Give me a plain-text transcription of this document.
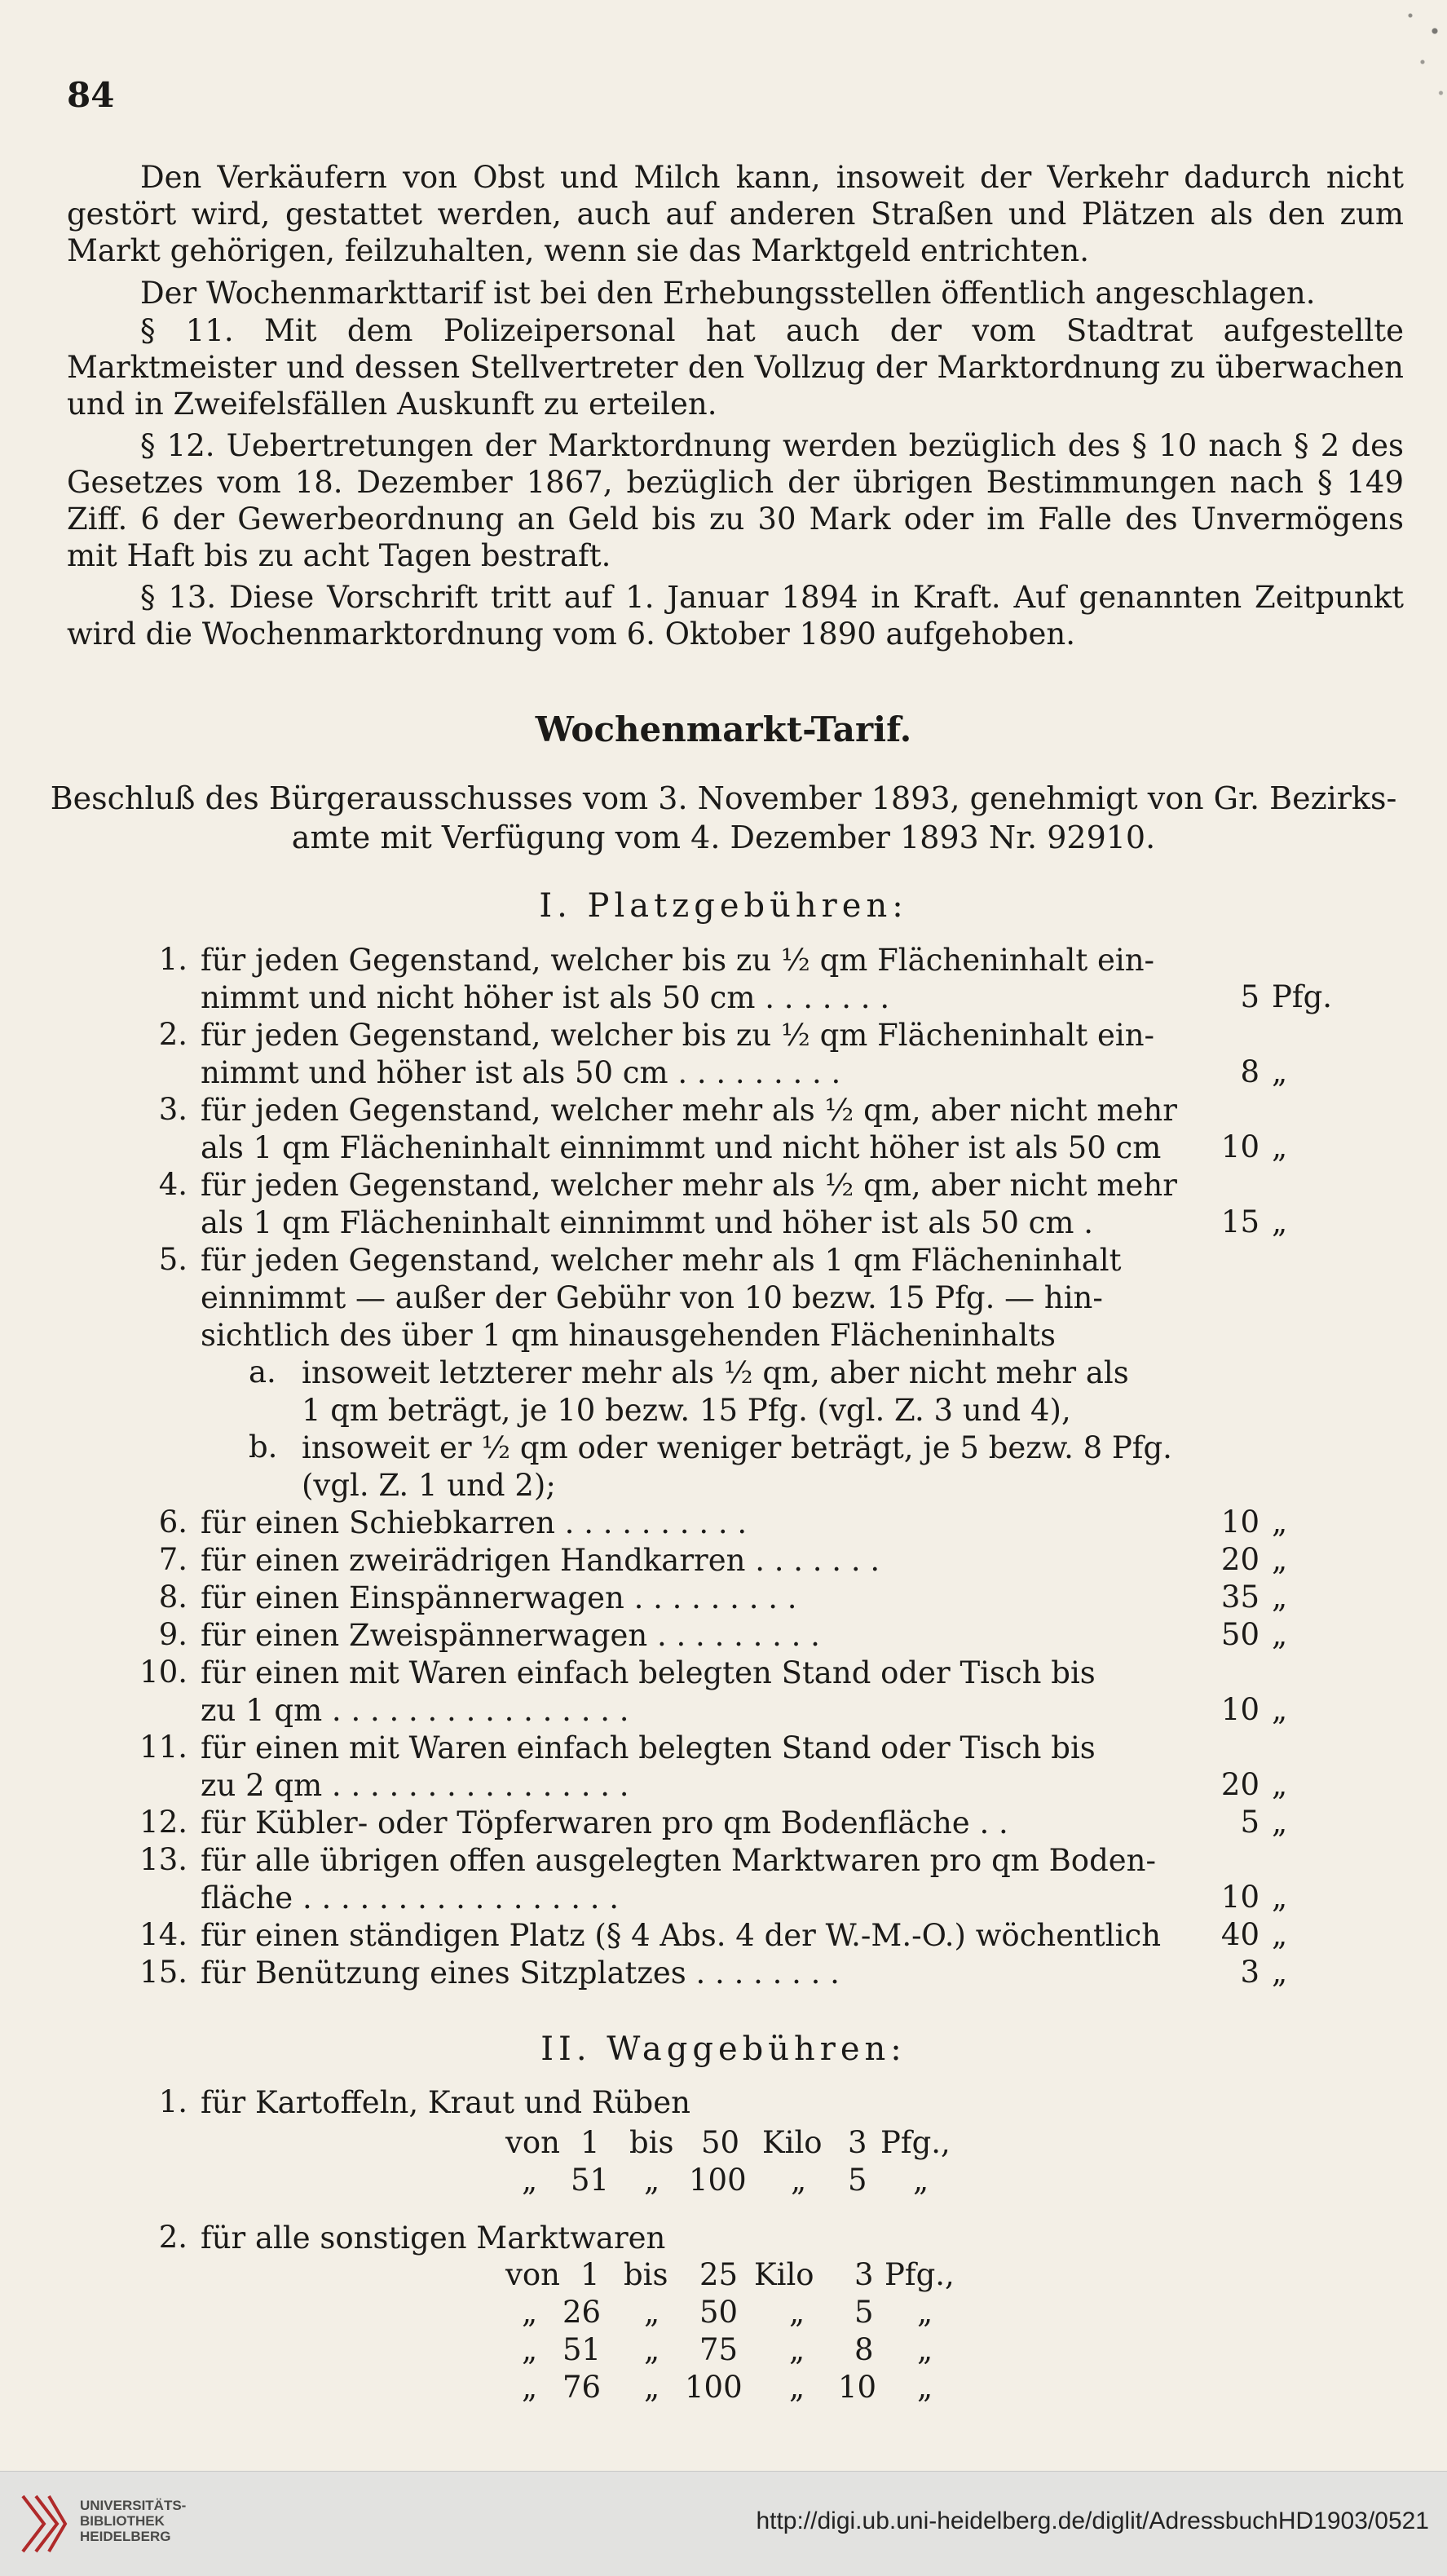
84
Den Verkäufern von Obst und Milch kann, insoweit der Verkehr dadurch nicht gestört wird, gestattet werden, auch auf anderen Straßen und Plätzen als den zum Markt gehörigen, feilzuhalten, wenn sie das Marktgeld entrichten.
Der Wochenmarkttarif ist bei den Erhebungsstellen öffentlich angeschlagen.
§ 11. Mit dem Polizeipersonal hat auch der vom Stadtrat aufgestellte Marktmeister und dessen Stellvertreter den Vollzug der Marktordnung zu überwachen und in Zweifelsfällen Auskunft zu erteilen.
§ 12. Uebertretungen der Marktordnung werden bezüglich des § 10 nach § 2 des Gesetzes vom 18. Dezember 1867, bezüglich der übrigen Bestimmungen nach § 149 Ziff. 6 der Gewerbeordnung an Geld bis zu 30 Mark oder im Falle des Unvermögens mit Haft bis zu acht Tagen bestraft.
§ 13. Diese Vorschrift tritt auf 1. Januar 1894 in Kraft. Auf genannten Zeitpunkt wird die Wochenmarktordnung vom 6. Oktober 1890 aufgehoben.
Wochenmarkt-Tarif.
Beschluß des Bürgerausschusses vom 3. November 1893, genehmigt von Gr. Bezirks-
amte mit Verfügung vom 4. Dezember 1893 Nr. 92910.
I. Platzgebühren:
1. für jeden Gegenstand, welcher bis zu ½ qm Flächeninhalt ein-
nimmt und nicht höher ist als 50 cm . . . . . . .	5 Pfg.
2. für jeden Gegenstand, welcher bis zu ½ qm Flächeninhalt ein-
nimmt und höher ist als 50 cm . . . . . . . . .	8 „
3. für jeden Gegenstand, welcher mehr als ½ qm, aber nicht mehr
als 1 qm Flächeninhalt einnimmt und nicht höher ist als 50 cm	10 „
4. für jeden Gegenstand, welcher mehr als ½ qm, aber nicht mehr
als 1 qm Flächeninhalt einnimmt und höher ist als 50 cm .	15 „
5. für jeden Gegenstand, welcher mehr als 1 qm Flächeninhalt
einnimmt — außer der Gebühr von 10 bezw. 15 Pfg. — hin-
sichtlich des über 1 qm hinausgehenden Flächeninhalts
a. insoweit letzterer mehr als ½ qm, aber nicht mehr als
1 qm beträgt, je 10 bezw. 15 Pfg. (vgl. Z. 3 und 4),
b. insoweit er ½ qm oder weniger beträgt, je 5 bezw. 8 Pfg.
(vgl. Z. 1 und 2);
6. für einen Schiebkarren . . . . . . . . . .	10 „
7. für einen zweirädrigen Handkarren . . . . . . .	20 „
8. für einen Einspännerwagen . . . . . . . . .	35 „
9. für einen Zweispännerwagen . . . . . . . . .	50 „
10. für einen mit Waren einfach belegten Stand oder Tisch bis
zu 1 qm . . . . . . . . . . . . . . . .	10 „
11. für einen mit Waren einfach belegten Stand oder Tisch bis
zu 2 qm . . . . . . . . . . . . . . . .	20 „
12. für Kübler- oder Töpferwaren pro qm Bodenfläche . .	5 „
13. für alle übrigen offen ausgelegten Marktwaren pro qm Boden-
fläche . . . . . . . . . . . . . . . . .	10 „
14. für einen ständigen Platz (§ 4 Abs. 4 der W.-M.-O.) wöchentlich	40 „
15. für Benützung eines Sitzplatzes . . . . . . . .	3 „
II. Waggebühren:
1. für Kartoffeln, Kraut und Rüben
von 1 bis 50 Kilo 3 Pfg.,
„ 51 „ 100 „ 5 „
2. für alle sonstigen Marktwaren
von 1 bis 25 Kilo 3 Pfg.,
„ 26 „ 50 „ 5 „
„ 51 „ 75 „ 8 „
„ 76 „ 100 „ 10 „
UNIVERSITÄTS-
BIBLIOTHEK
HEIDELBERG
http://digi.ub.uni-heidelberg.de/diglit/AdressbuchHD1903/0521
